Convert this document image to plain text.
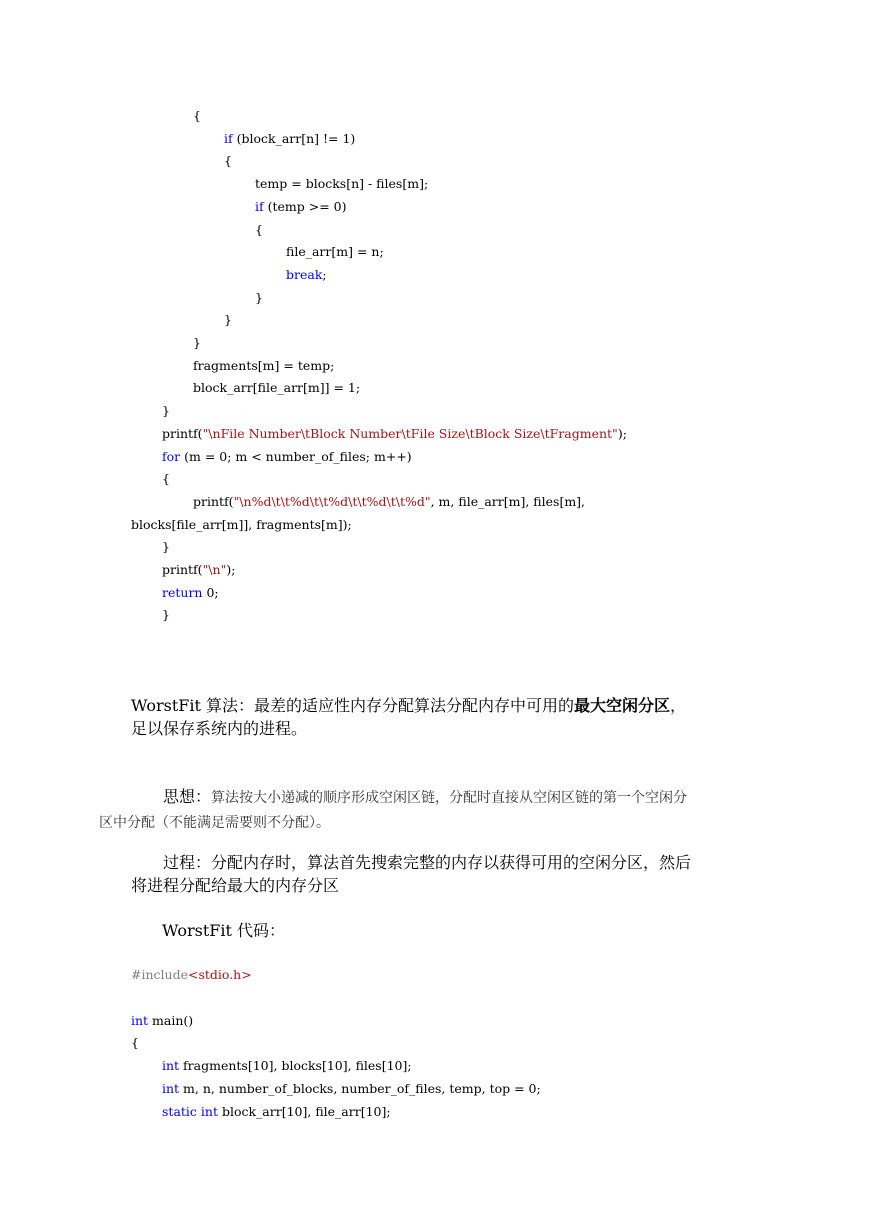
{
if (block_arr[n] != 1)
{
temp = blocks[n] - files[m];
if (temp >= 0)
{
file_arr[m] = n;
break;
}
}
}
fragments[m] = temp;
block_arr[file_arr[m]] = 1;
}
printf("\nFile Number\tBlock Number\tFile Size\tBlock Size\tFragment");
for (m = 0; m < number_of_files; m++)
{
printf("\n%d\t\t%d\t\t%d\t\t%d\t\t%d", m, file_arr[m], files[m],
blocks[file_arr[m]], fragments[m]);
}
printf("\n");
return 0;
}
WorstFit 算法：最差的适应性内存分配算法分配内存中可用的最大空闲分区，
足以保存系统内的进程。
思想：算法按大小递减的顺序形成空闲区链，分配时直接从空闲区链的第一个空闲分
区中分配（不能满足需要则不分配）。
过程：分配内存时，算法首先搜索完整的内存以获得可用的空闲分区，然后
将进程分配给最大的内存分区
WorstFit 代码：
#include<stdio.h>
int main()
{
int fragments[10], blocks[10], files[10];
int m, n, number_of_blocks, number_of_files, temp, top = 0;
static int block_arr[10], file_arr[10];
